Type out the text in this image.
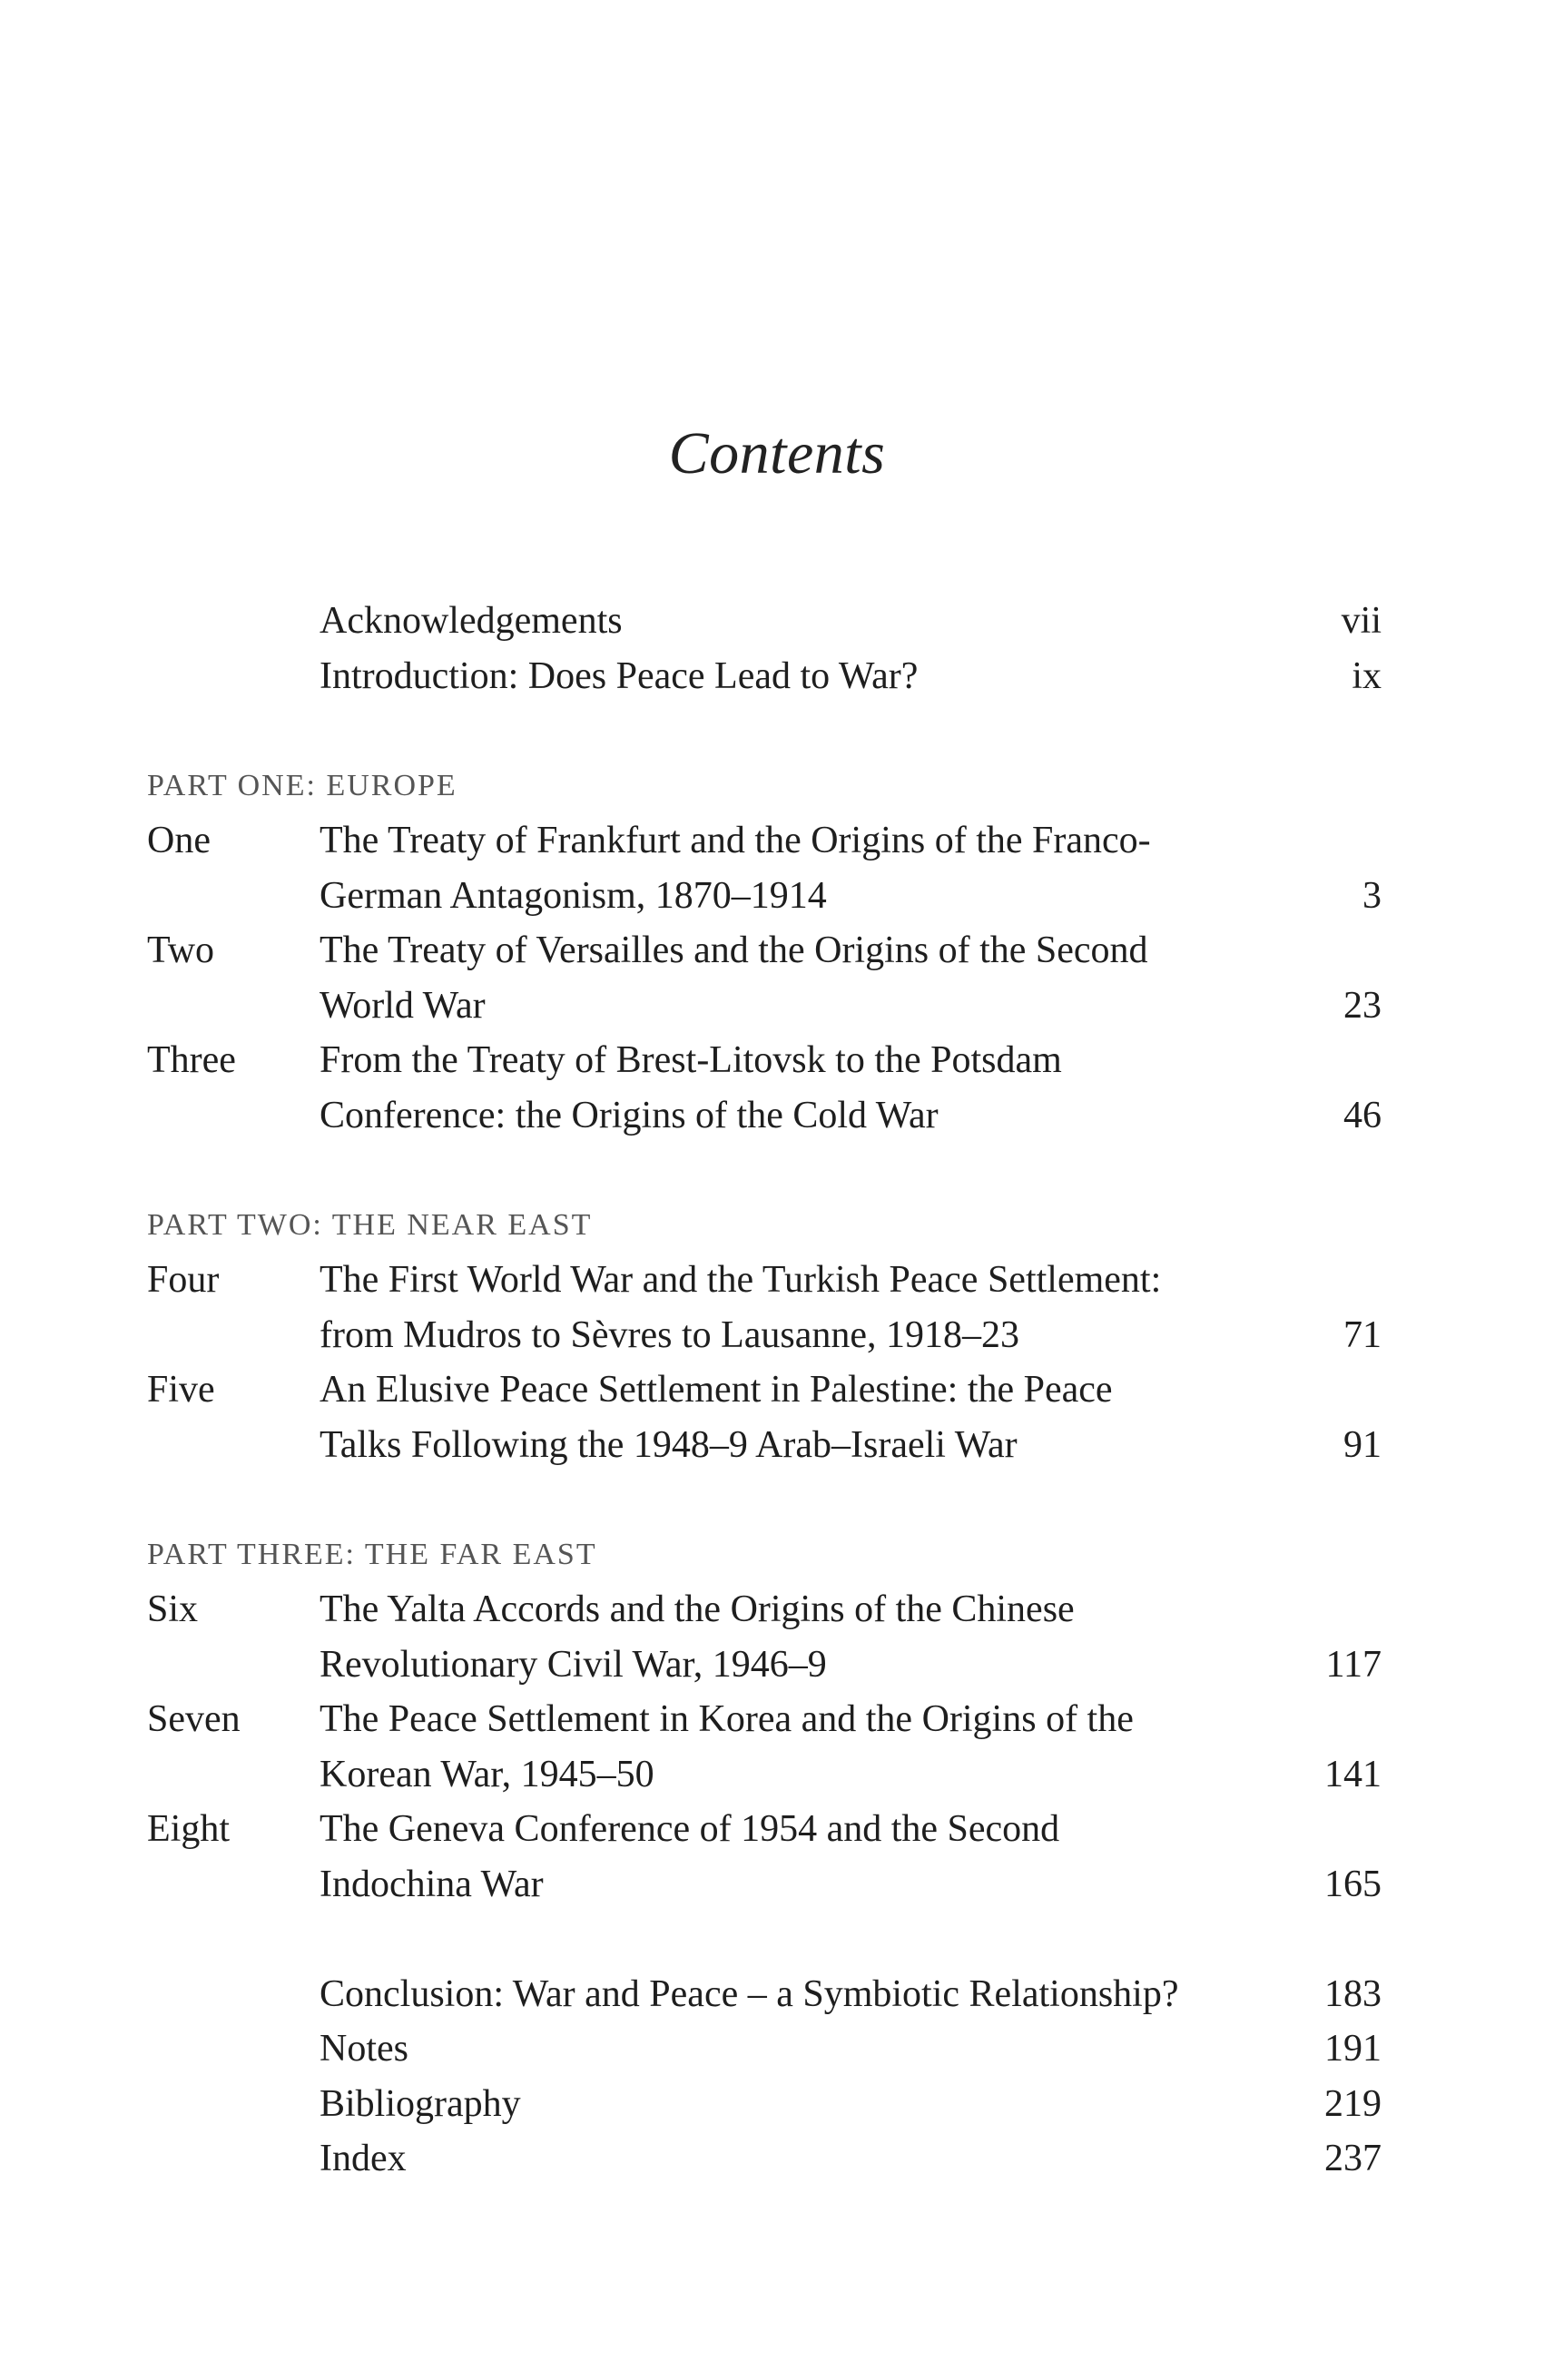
Contents
Acknowledgements	vii
Introduction: Does Peace Lead to War?	ix
PART ONE: EUROPE
One	The Treaty of Frankfurt and the Origins of the Franco-
German Antagonism, 1870–1914	3
Two	The Treaty of Versailles and the Origins of the Second
World War	23
Three From the Treaty of Brest-Litovsk to the Potsdam
Conference: the Origins of the Cold War	46
PART TWO: THE NEAR EAST
Four	The First World War and the Turkish Peace Settlement:
from Mudros to Sèvres to Lausanne, 1918–23	71
Five	An Elusive Peace Settlement in Palestine: the Peace
Talks Following the 1948–9 Arab–Israeli War	91
PART THREE: THE FAR EAST
Six	The Yalta Accords and the Origins of the Chinese
Revolutionary Civil War, 1946–9	117
Seven The Peace Settlement in Korea and the Origins of the
Korean War, 1945–50	141
Eight The Geneva Conference of 1954 and the Second
Indochina War	165
Conclusion: War and Peace – a Symbiotic Relationship?	183
Notes	191
Bibliography	219
Index	237
